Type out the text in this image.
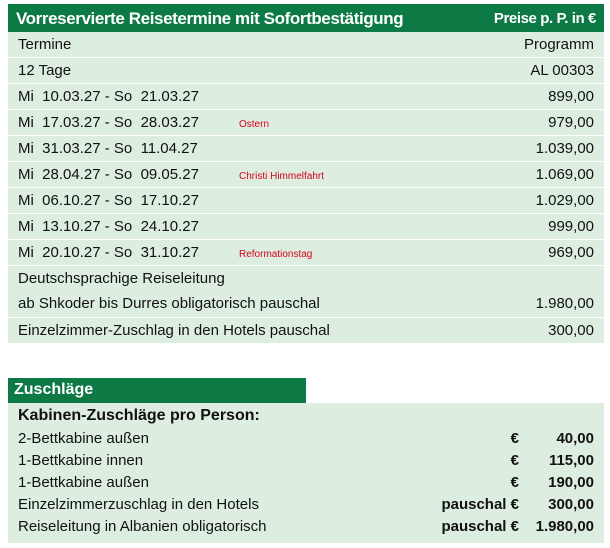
Vorreservierte Reisetermine mit Sofortbestätigung	Preise p. P. in €
Termine	Programm
12 Tage	AL 00303
Mi  10.03.27 - So  21.03.27	899,00
Mi  17.03.27 - So  28.03.27	Ostern	979,00
Mi  31.03.27 - So  11.04.27	1.039,00
Mi  28.04.27 - So  09.05.27	Christi Himmelfahrt	1.069,00
Mi  06.10.27 - So  17.10.27	1.029,00
Mi  13.10.27 - So  24.10.27	999,00
Mi  20.10.27 - So  31.10.27	Reformationstag	969,00
Deutschsprachige Reiseleitung
ab Shkoder bis Durres obligatorisch pauschal	1.980,00
Einzelzimmer-Zuschlag in den Hotels pauschal	300,00
Zuschläge
Kabinen-Zuschläge pro Person:
2-Bettkabine außen	€ 40,00
1-Bettkabine innen	€ 115,00
1-Bettkabine außen	€ 190,00
Einzelzimmerzuschlag in den Hotels	pauschal € 300,00
Reiseleitung in Albanien obligatorisch	pauschal € 1.980,00
